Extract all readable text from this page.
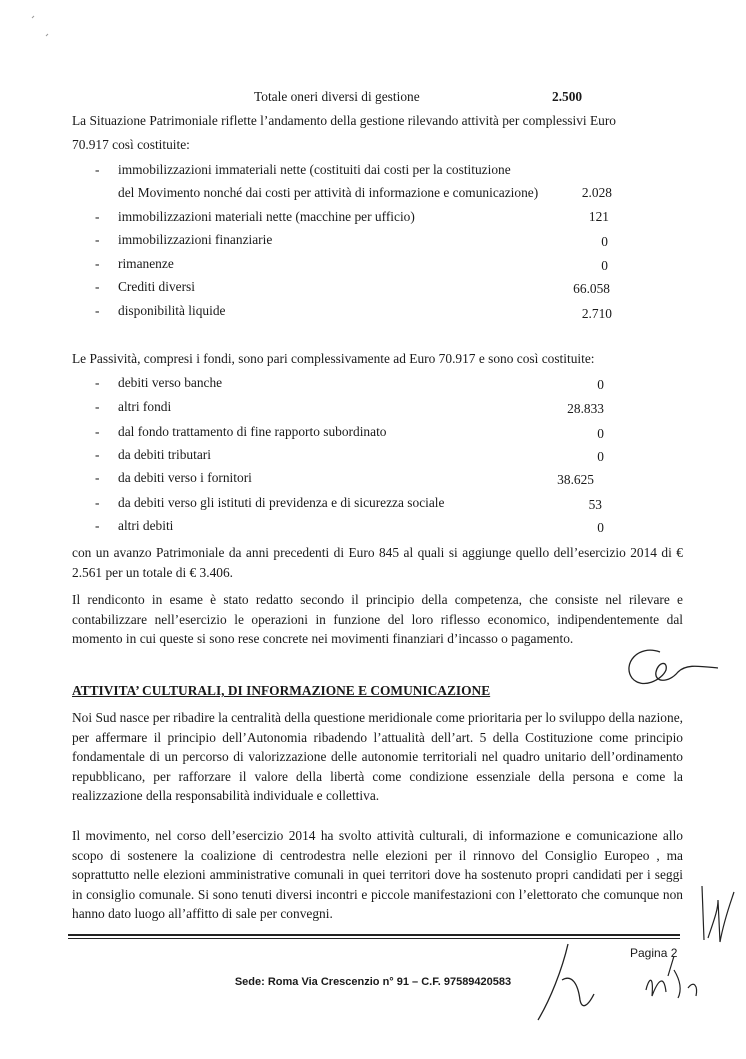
Totale oneri diversi di gestione	2.500
La Situazione Patrimoniale riflette l’andamento della gestione rilevando attività per complessivi Euro
70.917 così costituite:
- immobilizzazioni immateriali nette (costituiti dai costi per la costituzione
del Movimento nonché dai costi per attività di informazione e comunicazione)	2.028
- immobilizzazioni materiali nette (macchine per ufficio)	121
- immobilizzazioni finanziarie	0
- rimanenze	0
- Crediti diversi	66.058
- disponibilità liquide	2.710
Le Passività, compresi i fondi, sono pari complessivamente ad Euro 70.917 e sono così costituite:
- debiti verso banche	0
- altri fondi	28.833
- dal fondo trattamento di fine rapporto subordinato	0
- da debiti tributari	0
- da debiti verso i fornitori	38.625
- da debiti verso gli istituti di previdenza e di sicurezza sociale	53
- altri debiti	0
con un avanzo Patrimoniale da anni precedenti di Euro 845 al quali si aggiunge quello dell’esercizio 2014 di € 2.561 per un totale di € 3.406.
Il rendiconto in esame è stato redatto secondo il principio della competenza, che consiste nel rilevare e contabilizzare nell’esercizio le operazioni in funzione del loro riflesso economico, indipendentemente dal momento in cui queste si sono rese concrete nei movimenti finanziari d’incasso o pagamento.
ATTIVITA’ CULTURALI, DI INFORMAZIONE E COMUNICAZIONE
Noi Sud nasce per ribadire la centralità della questione meridionale come prioritaria per lo sviluppo della nazione, per affermare il principio dell’Autonomia ribadendo l’attualità dell’art. 5 della Costituzione come principio fondamentale di un percorso di valorizzazione delle autonomie territoriali nel quadro unitario dell’ordinamento repubblicano, per rafforzare il valore della libertà come condizione essenziale della persona e come la realizzazione della responsabilità individuale e collettiva.
Il movimento, nel corso dell’esercizio 2014 ha svolto attività culturali, di informazione e comunicazione allo scopo di sostenere la coalizione di centrodestra nelle elezioni per il rinnovo del Consiglio Europeo , ma soprattutto nelle elezioni amministrative comunali in quei territori dove ha sostenuto propri candidati per i seggi in consiglio comunale. Si sono tenuti diversi incontri e piccole manifestazioni con l’elettorato che comunque non hanno dato luogo all’affitto di sale per convegni.
Pagina 2
Sede: Roma Via Crescenzio n° 91 – C.F. 97589420583
